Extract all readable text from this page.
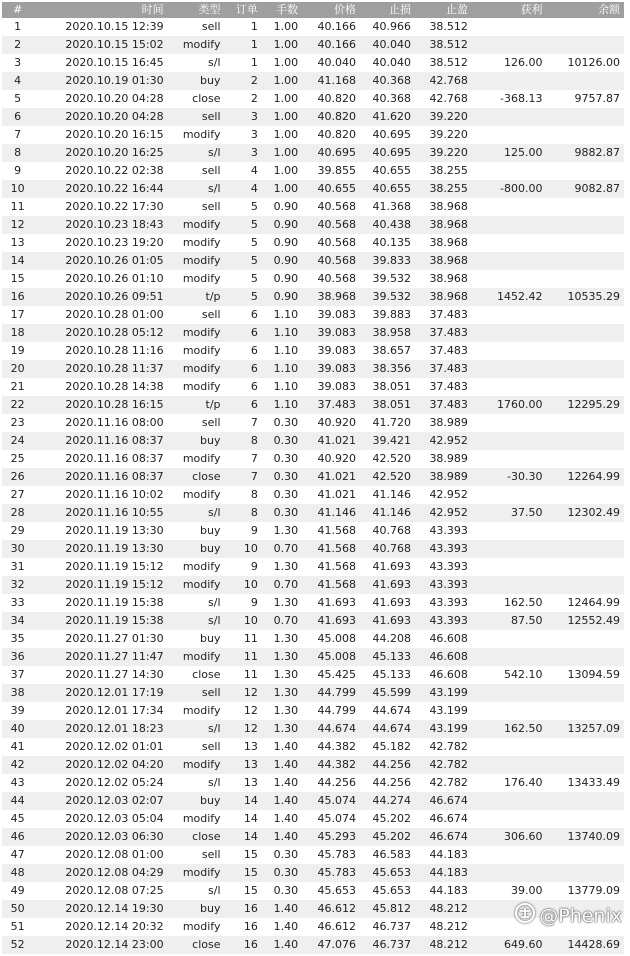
#	时间	类型	订单	手数	价格	止损	止盈	获利	余额
1	2020.10.15 12:39	sell	1	1.00	40.166	40.966	38.512
2	2020.10.15 15:02	modify	1	1.00	40.166	40.040	38.512
3	2020.10.15 16:45	s/l	1	1.00	40.040	40.040	38.512	126.00	10126.00
4	2020.10.19 01:30	buy	2	1.00	41.168	40.368	42.768
5	2020.10.20 04:28	close	2	1.00	40.820	40.368	42.768	-368.13	9757.87
6	2020.10.20 04:28	sell	3	1.00	40.820	41.620	39.220
7	2020.10.20 16:15	modify	3	1.00	40.820	40.695	39.220
8	2020.10.20 16:25	s/l	3	1.00	40.695	40.695	39.220	125.00	9882.87
9	2020.10.22 02:38	sell	4	1.00	39.855	40.655	38.255
10	2020.10.22 16:44	s/l	4	1.00	40.655	40.655	38.255	-800.00	9082.87
11	2020.10.22 17:30	sell	5	0.90	40.568	41.368	38.968
12	2020.10.23 18:43	modify	5	0.90	40.568	40.438	38.968
13	2020.10.23 19:20	modify	5	0.90	40.568	40.135	38.968
14	2020.10.26 01:05	modify	5	0.90	40.568	39.833	38.968
15	2020.10.26 01:10	modify	5	0.90	40.568	39.532	38.968
16	2020.10.26 09:51	t/p	5	0.90	38.968	39.532	38.968	1452.42	10535.29
17	2020.10.28 01:00	sell	6	1.10	39.083	39.883	37.483
18	2020.10.28 05:12	modify	6	1.10	39.083	38.958	37.483
19	2020.10.28 11:16	modify	6	1.10	39.083	38.657	37.483
20	2020.10.28 11:37	modify	6	1.10	39.083	38.356	37.483
21	2020.10.28 14:38	modify	6	1.10	39.083	38.051	37.483
22	2020.10.28 16:15	t/p	6	1.10	37.483	38.051	37.483	1760.00	12295.29
23	2020.11.16 08:00	sell	7	0.30	40.920	41.720	38.989
24	2020.11.16 08:37	buy	8	0.30	41.021	39.421	42.952
25	2020.11.16 08:37	modify	7	0.30	40.920	42.520	38.989
26	2020.11.16 08:37	close	7	0.30	41.021	42.520	38.989	-30.30	12264.99
27	2020.11.16 10:02	modify	8	0.30	41.021	41.146	42.952
28	2020.11.16 10:55	s/l	8	0.30	41.146	41.146	42.952	37.50	12302.49
29	2020.11.19 13:30	buy	9	1.30	41.568	40.768	43.393
30	2020.11.19 13:30	buy	10	0.70	41.568	40.768	43.393
31	2020.11.19 15:12	modify	9	1.30	41.568	41.693	43.393
32	2020.11.19 15:12	modify	10	0.70	41.568	41.693	43.393
33	2020.11.19 15:38	s/l	9	1.30	41.693	41.693	43.393	162.50	12464.99
34	2020.11.19 15:38	s/l	10	0.70	41.693	41.693	43.393	87.50	12552.49
35	2020.11.27 01:30	buy	11	1.30	45.008	44.208	46.608
36	2020.11.27 11:47	modify	11	1.30	45.008	45.133	46.608
37	2020.11.27 14:30	close	11	1.30	45.425	45.133	46.608	542.10	13094.59
38	2020.12.01 17:19	sell	12	1.30	44.799	45.599	43.199
39	2020.12.01 17:34	modify	12	1.30	44.799	44.674	43.199
40	2020.12.01 18:23	s/l	12	1.30	44.674	44.674	43.199	162.50	13257.09
41	2020.12.02 01:01	sell	13	1.40	44.382	45.182	42.782
42	2020.12.02 04:20	modify	13	1.40	44.382	44.256	42.782
43	2020.12.02 05:24	s/l	13	1.40	44.256	44.256	42.782	176.40	13433.49
44	2020.12.03 02:07	buy	14	1.40	45.074	44.274	46.674
45	2020.12.03 05:04	modify	14	1.40	45.074	45.202	46.674
46	2020.12.03 06:30	close	14	1.40	45.293	45.202	46.674	306.60	13740.09
47	2020.12.08 01:00	sell	15	0.30	45.783	46.583	44.183
48	2020.12.08 04:29	modify	15	0.30	45.783	45.653	44.183
49	2020.12.08 07:25	s/l	15	0.30	45.653	45.653	44.183	39.00	13779.09
50	2020.12.14 19:30	buy	16	1.40	46.612	45.812	48.212
51	2020.12.14 20:32	modify	16	1.40	46.612	46.737	48.212
52	2020.12.14 23:00	close	16	1.40	47.076	46.737	48.212	649.60	14428.69
@Phenix
